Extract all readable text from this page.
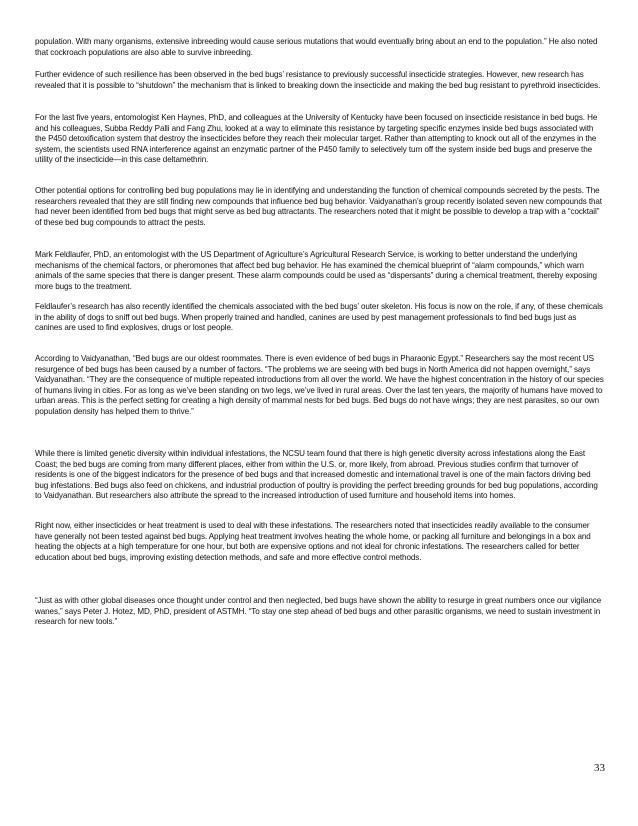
population. With many organisms, extensive inbreeding would cause serious mutations that would eventually bring about an end to the population.” He also noted that cockroach populations are also able to survive inbreeding.

Further evidence of such resilience has been observed in the bed bugs’ resistance to previously successful insecticide strategies. However, new research has revealed that it is possible to “shutdown” the mechanism that is linked to breaking down the insecticide and making the bed bug resistant to pyrethroid insecticides.

For the last five years, entomologist Ken Haynes, PhD, and colleagues at the University of Kentucky have been focused on insecticide resistance in bed bugs. He and his colleagues, Subba Reddy Palli and Fang Zhu, looked at a way to eliminate this resistance by targeting specific enzymes inside bed bugs associated with the P450 detoxification system that destroy the insecticides before they reach their molecular target. Rather than attempting to knock out all of the enzymes in the system, the scientists used RNA interference against an enzymatic partner of the P450 family to selectively turn off the system inside bed bugs and preserve the utility of the insecticide—in this case deltamethrin.

Other potential options for controlling bed bug populations may lie in identifying and understanding the function of chemical compounds secreted by the pests. The researchers revealed that they are still finding new compounds that influence bed bug behavior. Vaidyanathan’s group recently isolated seven new compounds that had never been identified from bed bugs that might serve as bed bug attractants. The researchers noted that it might be possible to develop a trap with a “cocktail” of these bed bug compounds to attract the pests.

Mark Feldlaufer, PhD, an entomologist with the US Department of Agriculture’s Agricultural Research Service, is working to better understand the underlying mechanisms of the chemical factors, or pheromones that affect bed bug behavior. He has examined the chemical blueprint of “alarm compounds,” which warn animals of the same species that there is danger present. These alarm compounds could be used as “dispersants” during a chemical treatment, thereby exposing more bugs to the treatment.

Feldlaufer’s research has also recently identified the chemicals associated with the bed bugs’ outer skeleton. His focus is now on the role, if any, of these chemicals in the ability of dogs to sniff out bed bugs. When properly trained and handled, canines are used by pest management professionals to find bed bugs just as canines are used to find explosives, drugs or lost people.

According to Vaidyanathan, “Bed bugs are our oldest roommates. There is even evidence of bed bugs in Pharaonic Egypt.” Researchers say the most recent US resurgence of bed bugs has been caused by a number of factors. “The problems we are seeing with bed bugs in North America did not happen overnight,” says Vaidyanathan. “They are the consequence of multiple repeated introductions from all over the world. We have the highest concentration in the history of our species of humans living in cities. For as long as we’ve been standing on two legs, we’ve lived in rural areas. Over the last ten years, the majority of humans have moved to urban areas. This is the perfect setting for creating a high density of mammal nests for bed bugs. Bed bugs do not have wings; they are nest parasites, so our own population density has helped them to thrive.”

While there is limited genetic diversity within individual infestations, the NCSU team found that there is high genetic diversity across infestations along the East Coast; the bed bugs are coming from many different places, either from within the U.S. or, more likely, from abroad. Previous studies confirm that turnover of residents is one of the biggest indicators for the presence of bed bugs and that increased domestic and international travel is one of the main factors driving bed bug infestations. Bed bugs also feed on chickens, and industrial production of poultry is providing the perfect breeding grounds for bed bug populations, according to Vaidyanathan. But researchers also attribute the spread to the increased introduction of used furniture and household items into homes.

Right now, either insecticides or heat treatment is used to deal with these infestations. The researchers noted that insecticides readily available to the consumer have generally not been tested against bed bugs. Applying heat treatment involves heating the whole home, or packing all furniture and belongings in a box and heating the objects at a high temperature for one hour, but both are expensive options and not ideal for chronic infestations. The researchers called for better education about bed bugs, improving existing detection methods, and safe and more effective control methods.

“Just as with other global diseases once thought under control and then neglected, bed bugs have shown the ability to resurge in great numbers once our vigilance wanes,” says Peter J. Hotez, MD, PhD, president of ASTMH. “To stay one step ahead of bed bugs and other parasitic organisms, we need to sustain investment in research for new tools.”

33
